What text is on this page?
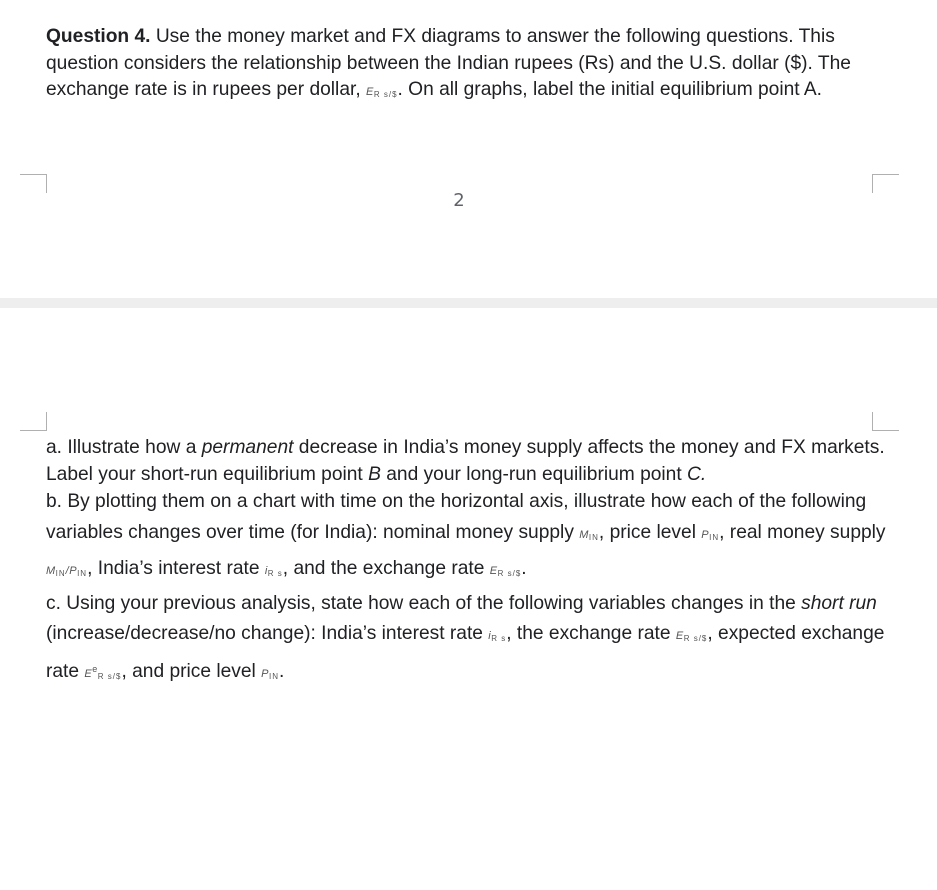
Question 4. Use the money market and FX diagrams to answer the following questions. This question considers the relationship between the Indian rupees (Rs) and the U.S. dollar ($). The exchange rate is in rupees per dollar, $E_{R s/\$}$. On all graphs, label the initial equilibrium point A.

2
a. Illustrate how a permanent decrease in India’s money supply affects the money and FX markets. Label your short-run equilibrium point B and your long-run equilibrium point C.
b. By plotting them on a chart with time on the horizontal axis, illustrate how each of the following variables changes over time (for India): nominal money supply $M_{IN}$, price level $P_{IN}$, real money supply $M_{IN}/P_{IN}$, India’s interest rate $i_{R s}$, and the exchange rate $E_{R s/\$}$.
c. Using your previous analysis, state how each of the following variables changes in the short run (increase/decrease/no change): India’s interest rate $i_{R s}$, the exchange rate $E_{R s/\$}$, expected exchange rate $E^e_{R s/\$}$, and price level $P_{IN}$.
